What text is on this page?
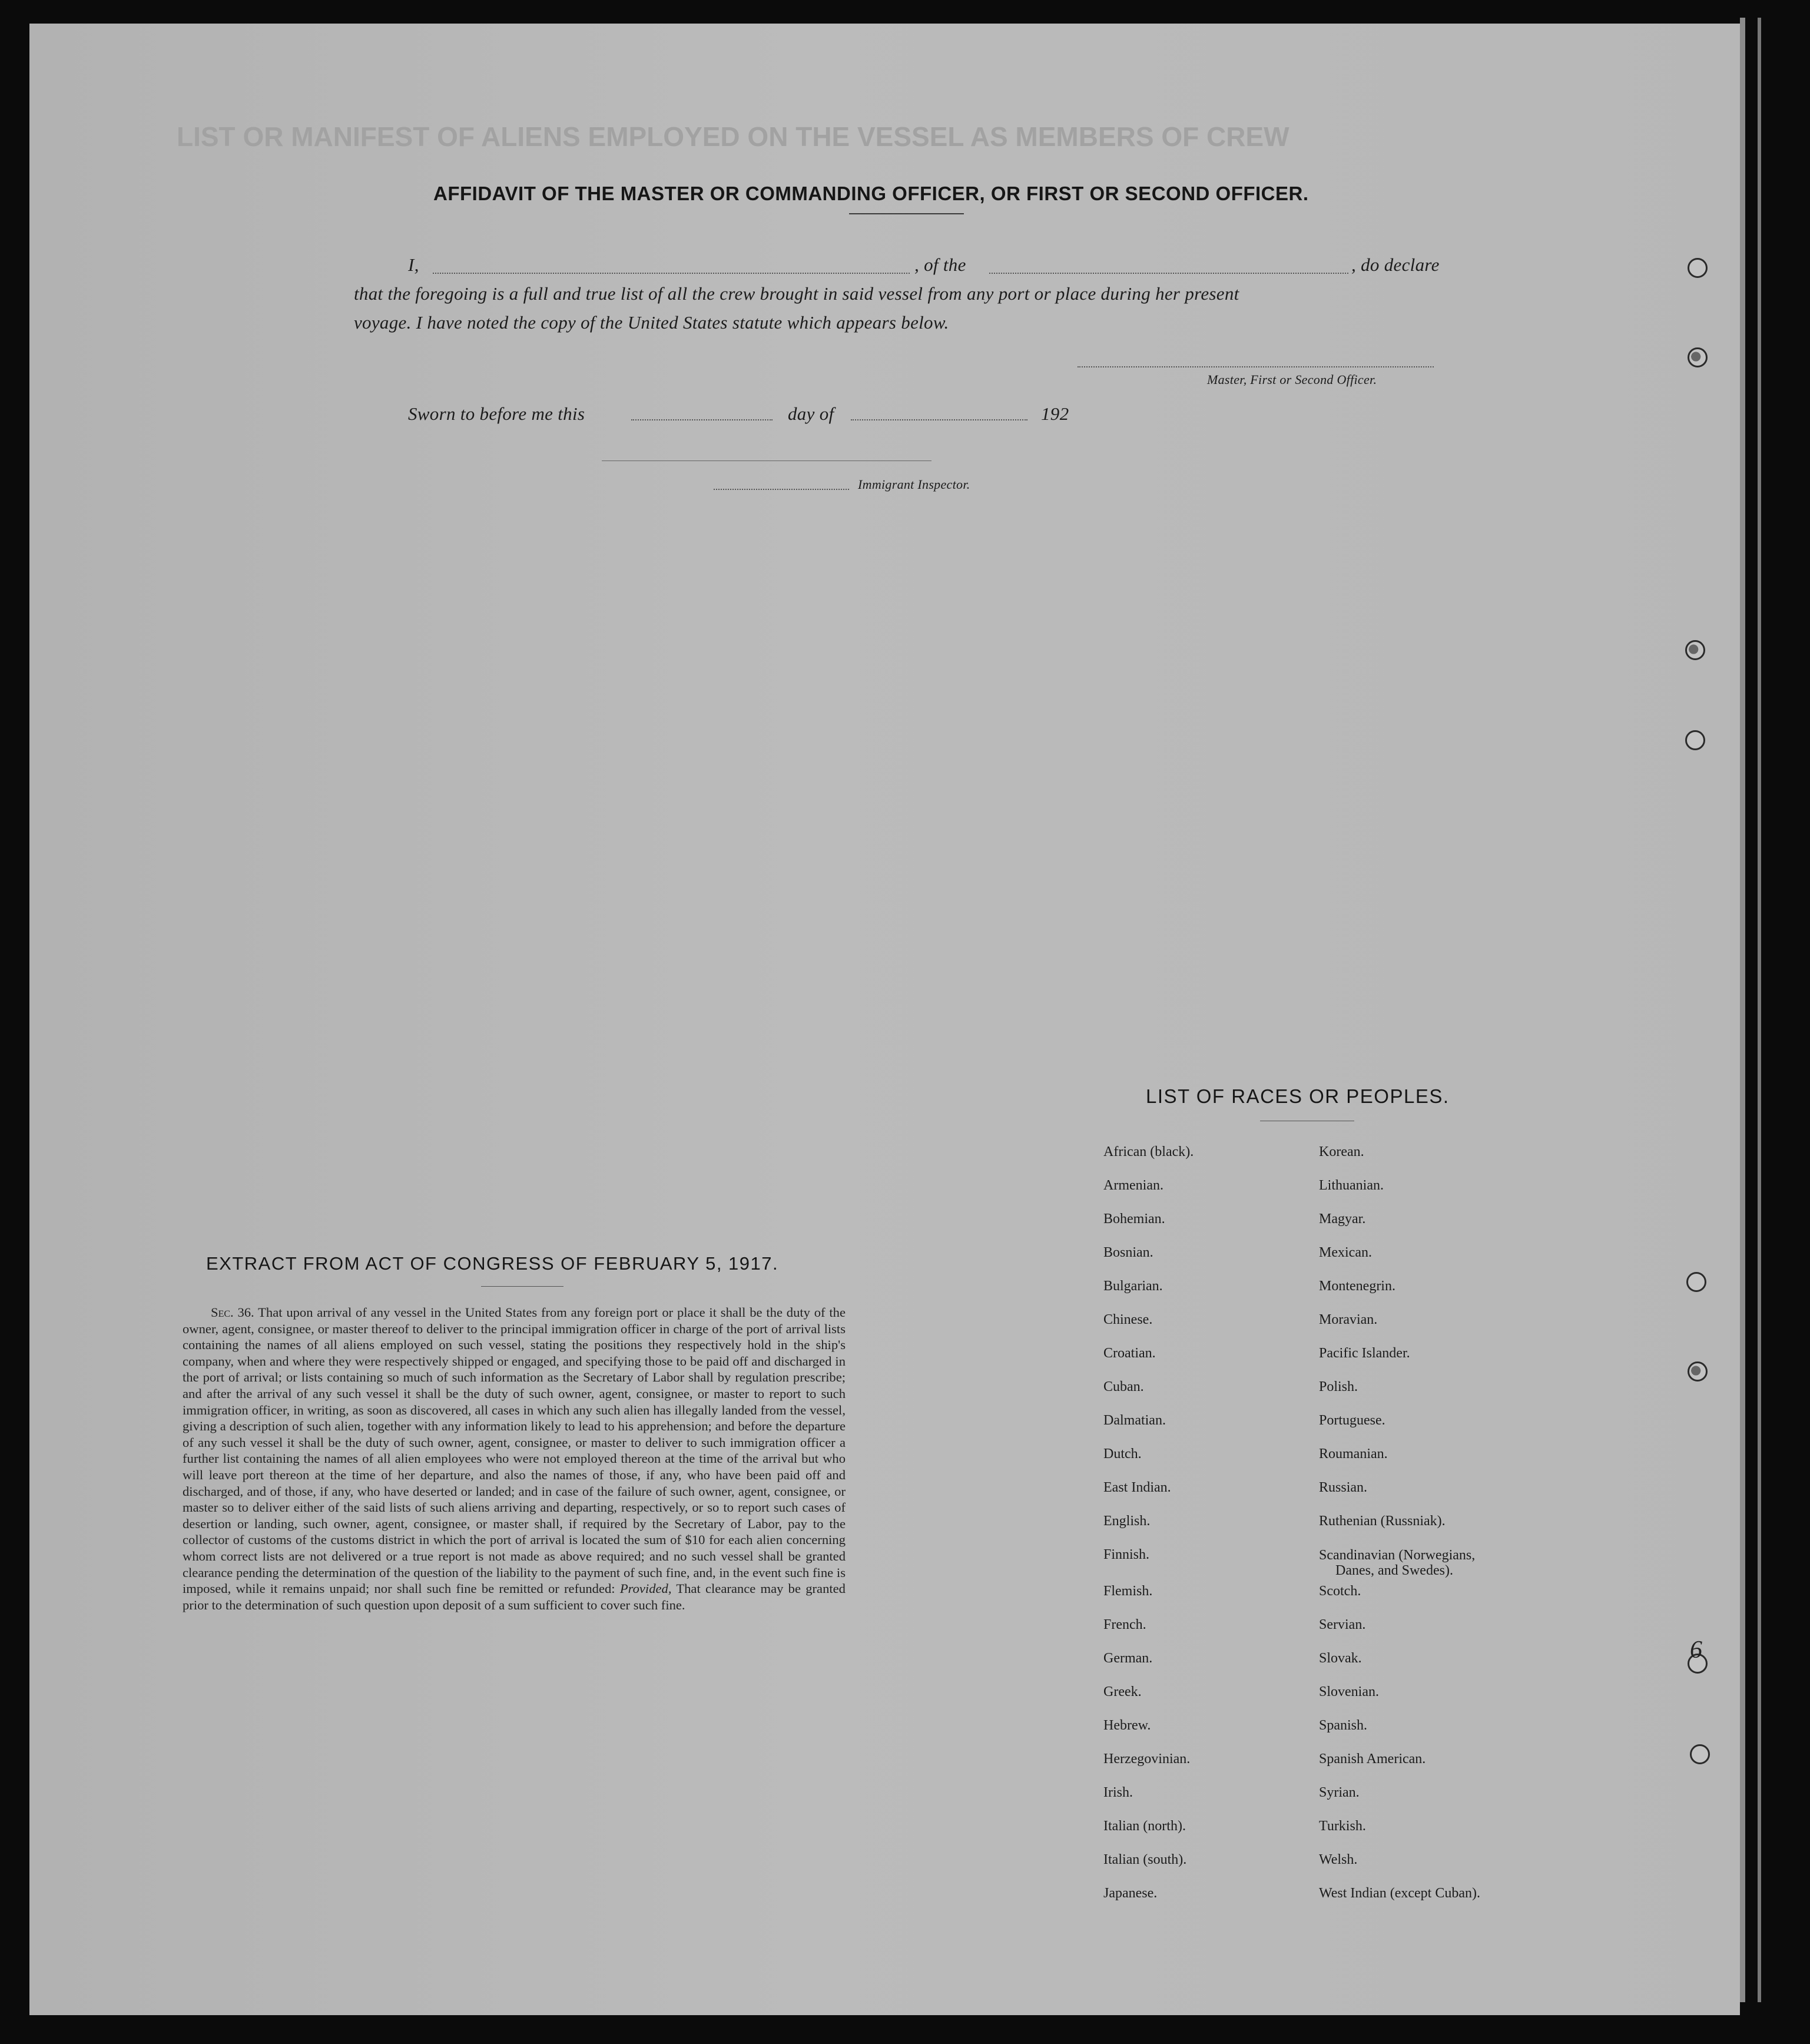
LIST OR MANIFEST OF ALIENS EMPLOYED ON THE VESSEL AS MEMBERS OF CREW
6
AFFIDAVIT OF THE MASTER OR COMMANDING OFFICER, OR FIRST OR SECOND OFFICER.
I,	, of the	, do declare
that the foregoing is a full and true list of all the crew brought in said vessel from any port or place during her present
voyage. I have noted the copy of the United States statute which appears below.
Master, First or Second Officer.
Sworn to before me this	day of	192
Immigrant Inspector.
EXTRACT FROM ACT OF CONGRESS OF FEBRUARY 5, 1917.
Sec. 36. That upon arrival of any vessel in the United States from any foreign port or place it shall be the duty of the owner, agent, consignee, or master thereof to deliver to the principal immigration officer in charge of the port of arrival lists containing the names of all aliens employed on such vessel, stating the positions they respectively hold in the ship's company, when and where they were respectively shipped or engaged, and specifying those to be paid off and discharged in the port of arrival; or lists containing so much of such information as the Secretary of Labor shall by regulation prescribe; and after the arrival of any such vessel it shall be the duty of such owner, agent, consignee, or master to report to such immigration officer, in writing, as soon as discovered, all cases in which any such alien has illegally landed from the vessel, giving a description of such alien, together with any information likely to lead to his apprehension; and before the departure of any such vessel it shall be the duty of such owner, agent, consignee, or master to deliver to such immigration officer a further list containing the names of all alien employees who were not employed thereon at the time of the arrival but who will leave port thereon at the time of her departure, and also the names of those, if any, who have been paid off and discharged, and of those, if any, who have deserted or landed; and in case of the failure of such owner, agent, consignee, or master so to deliver either of the said lists of such aliens arriving and departing, respectively, or so to report such cases of desertion or landing, such owner, agent, consignee, or master shall, if required by the Secretary of Labor, pay to the collector of customs of the customs district in which the port of arrival is located the sum of $10 for each alien concerning whom correct lists are not delivered or a true report is not made as above required; and no such vessel shall be granted clearance pending the determination of the question of the liability to the payment of such fine, and, in the event such fine is imposed, while it remains unpaid; nor shall such fine be remitted or refunded: Provided, That clearance may be granted prior to the determination of such question upon deposit of a sum sufficient to cover such fine.
LIST OF RACES OR PEOPLES.
African (black).
Armenian.
Bohemian.
Bosnian.
Bulgarian.
Chinese.
Croatian.
Cuban.
Dalmatian.
Dutch.
East Indian.
English.
Finnish.
Flemish.
French.
German.
Greek.
Hebrew.
Herzegovinian.
Irish.
Italian (north).
Italian (south).
Japanese.
Korean.
Lithuanian.
Magyar.
Mexican.
Montenegrin.
Moravian.
Pacific Islander.
Polish.
Portuguese.
Roumanian.
Russian.
Ruthenian (Russniak).
Scandinavian (Norwegians,
Danes, and Swedes).
Scotch.
Servian.
Slovak.
Slovenian.
Spanish.
Spanish American.
Syrian.
Turkish.
Welsh.
West Indian (except Cuban).
